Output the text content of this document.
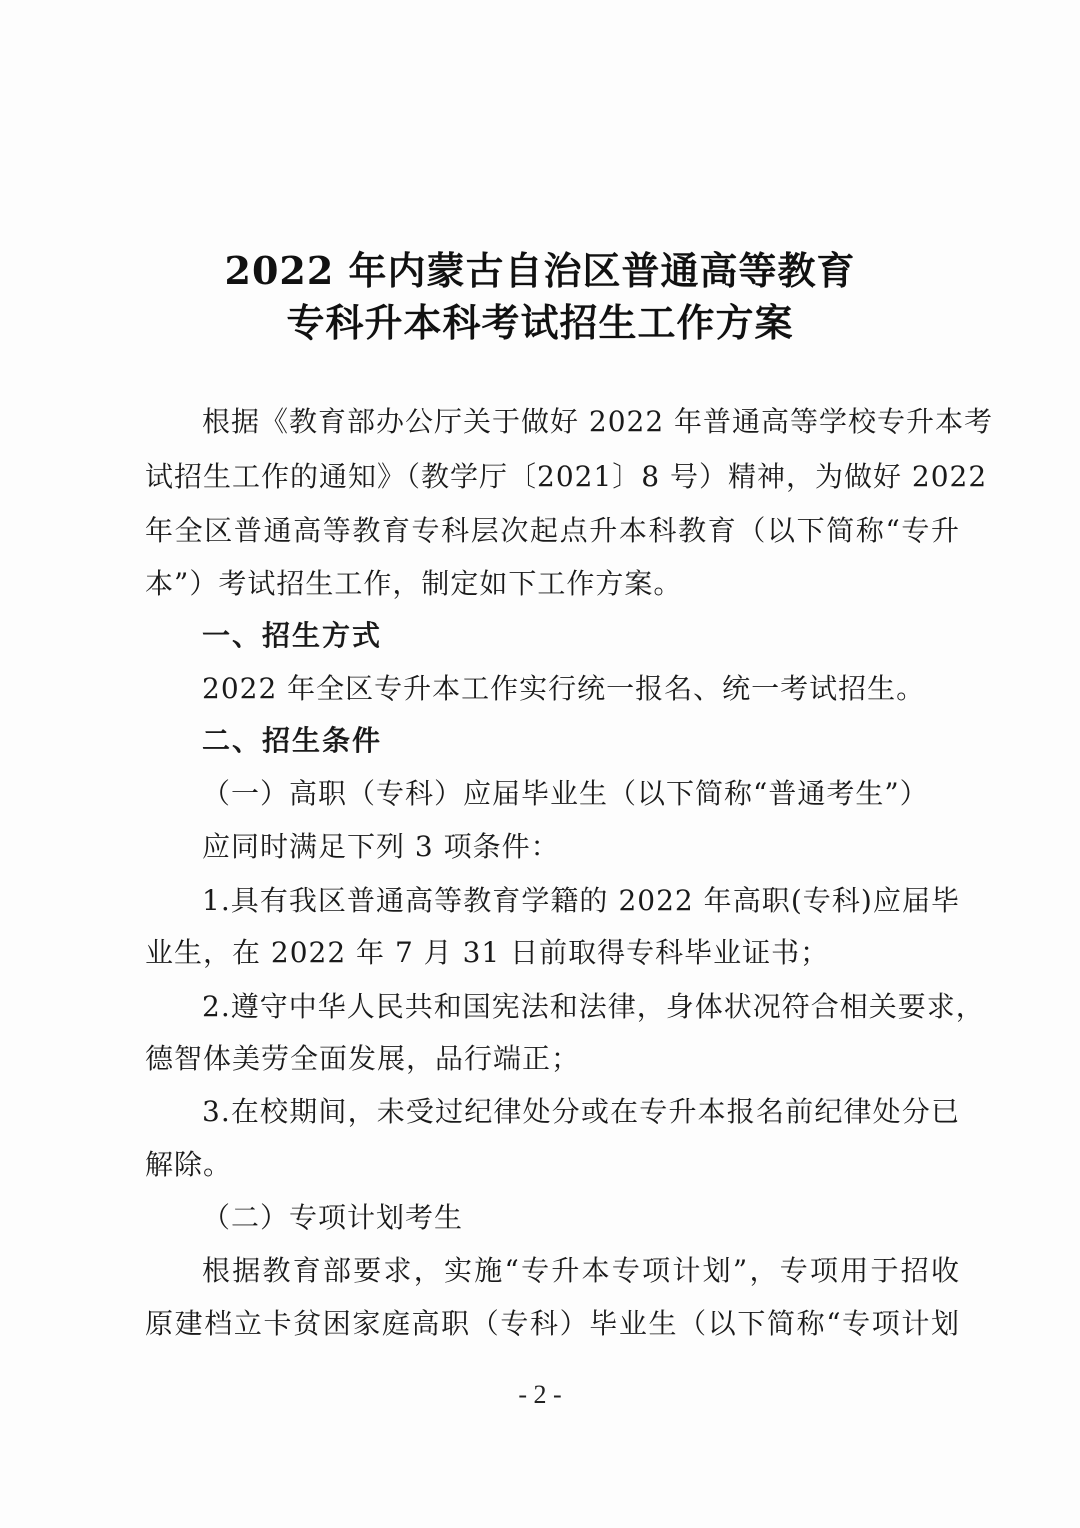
2022 年内蒙古自治区普通高等教育
专科升本科考试招生工作方案
根据《教育部办公厅关于做好 2022 年普通高等学校专升本考
试招生工作的通知》（教学厅〔2021〕8 号）精神，为做好 2022
年全区普通高等教育专科层次起点升本科教育（以下简称“专升
本”）考试招生工作，制定如下工作方案。
一、招生方式
2022 年全区专升本工作实行统一报名、统一考试招生。
二、招生条件
（一）高职（专科）应届毕业生（以下简称“普通考生”）
应同时满足下列 3 项条件：
1.具有我区普通高等教育学籍的 2022 年高职(专科)应届毕
业生，在 2022 年 7 月 31 日前取得专科毕业证书；
2.遵守中华人民共和国宪法和法律，身体状况符合相关要求，
德智体美劳全面发展，品行端正；
3.在校期间，未受过纪律处分或在专升本报名前纪律处分已
解除。
（二）专项计划考生
根据教育部要求，实施“专升本专项计划”，专项用于招收
原建档立卡贫困家庭高职（专科）毕业生（以下简称“专项计划
- 2 -
